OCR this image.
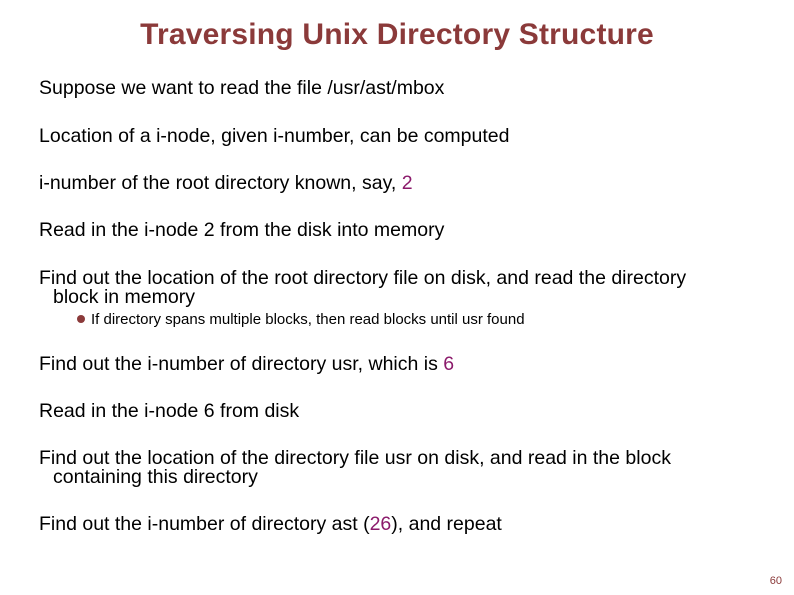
Traversing Unix Directory Structure
Suppose we want to read the file /usr/ast/mbox
Location of a i-node, given i-number, can be computed
i-number of the root directory known, say, 2
Read in the i-node 2 from the disk into memory
Find out the location of the root directory file on disk, and read the directory
block in memory
If directory spans multiple blocks, then read blocks until usr found
Find out the i-number of directory usr, which is 6
Read in the i-node 6 from disk
Find out the location of the directory file usr on disk, and read in the block
containing this directory
Find out the i-number of directory ast (26), and repeat
60
